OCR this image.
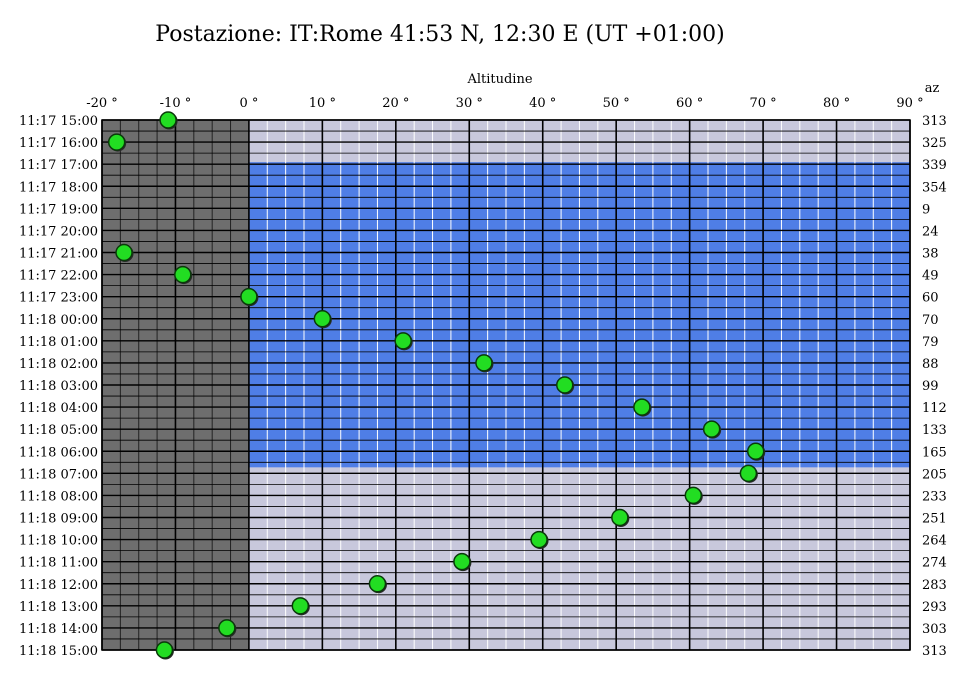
Postazione: IT:Rome 41:53 N, 12:30 E (UT +01:00)
-20 °	-10 °	0 °	10 °	20 °	30 °	40 °	50 °	60 °	70 °	80 °	90 °
Altitudine
az
11:17 15:00
11:17 16:00
11:17 17:00
11:17 18:00
11:17 19:00
11:17 20:00
11:17 21:00
11:17 22:00
11:17 23:00
11:18 00:00
11:18 01:00
11:18 02:00
11:18 03:00
11:18 04:00
11:18 05:00
11:18 06:00
11:18 07:00
11:18 08:00
11:18 09:00
11:18 10:00
11:18 11:00
11:18 12:00
11:18 13:00
11:18 14:00
11:18 15:00
313
325
339
354
9
24
38
49
60
70
79
88
99
112
133
165
205
233
251
264
274
283
293
303
313
